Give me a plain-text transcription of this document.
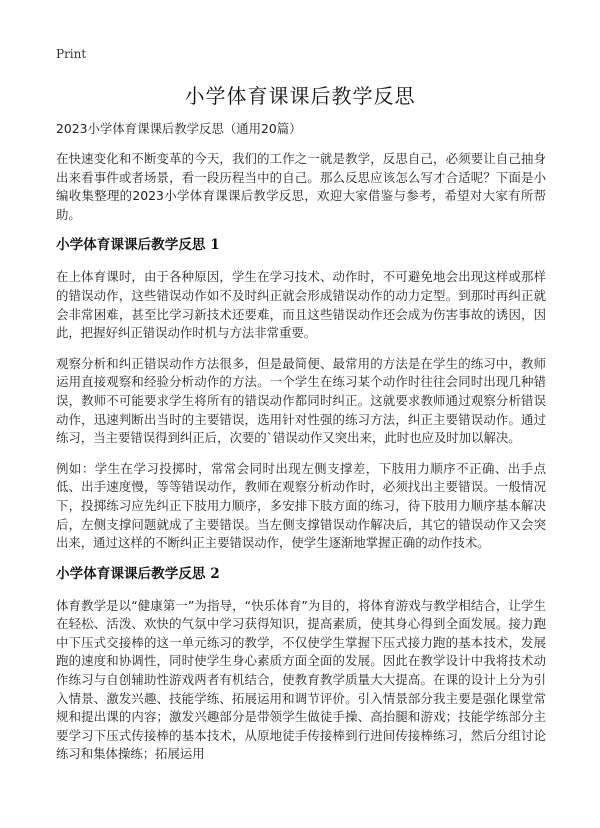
Print
小学体育课课后教学反思

2023小学体育课课后教学反思（通用20篇）

在快速变化和不断变革的今天，我们的工作之一就是教学，反思自己，必须要让自己抽身出来看事件或者场景，看一段历程当中的自己。那么反思应该怎么写才合适呢？下面是小编收集整理的2023小学体育课课后教学反思，欢迎大家借鉴与参考，希望对大家有所帮助。

小学体育课课后教学反思 1

在上体育课时，由于各种原因，学生在学习技术、动作时，不可避免地会出现这样或那样的错误动作，这些错误动作如不及时纠正就会形成错误动作的动力定型。到那时再纠正就会非常困难，甚至比学习新技术还要难，而且这些错误动作还会成为伤害事故的诱因，因此，把握好纠正错误动作时机与方法非常重要。

观察分析和纠正错误动作方法很多，但是最简便、最常用的方法是在学生的练习中，教师运用直接观察和经验分析动作的方法。一个学生在练习某个动作时往往会同时出现几种错误，教师不可能要求学生将所有的错误动作都同时纠正。这就要求教师通过观察分析错误动作，迅速判断出当时的主要错误，选用针对性强的练习方法，纠正主要错误动作。通过练习，当主要错误得到纠正后，次要的`错误动作又突出来，此时也应及时加以解决。

例如：学生在学习投掷时，常常会同时出现左侧支撑差，下肢用力顺序不正确、出手点低、出手速度慢，等等错误动作，教师在观察分析动作时，必须找出主要错误。一般情况下，投掷练习应先纠正下肢用力顺序，多安排下肢方面的练习，待下肢用力顺序基本解决后，左侧支撑问题就成了主要错误。当左侧支撑错误动作解决后，其它的错误动作又会突出来，通过这样的不断纠正主要错误动作，使学生逐渐地掌握正确的动作技术。

小学体育课课后教学反思 2

体育教学是以“健康第一”为指导，“快乐体育”为目的，将体育游戏与教学相结合，让学生在轻松、活泼、欢快的气氛中学习获得知识，提高素质，使其身心得到全面发展。接力跑中下压式交接棒的这一单元练习的教学，不仅使学生掌握下压式接力跑的基本技术，发展跑的速度和协调性，同时使学生身心素质方面全面的发展。因此在教学设计中我将技术动作练习与自创辅助性游戏两者有机结合，使教育教学质量大大提高。在课的设计上分为引入情景、激发兴趣、技能学练、拓展运用和调节评价。引入情景部分我主要是强化课堂常规和提出课的内容；激发兴趣部分是带领学生做徒手操、高抬腿和游戏；技能学练部分主要学习下压式传接棒的基本技术，从原地徒手传接棒到行进间传接棒练习，然后分组讨论练习和集体操练；拓展运用
